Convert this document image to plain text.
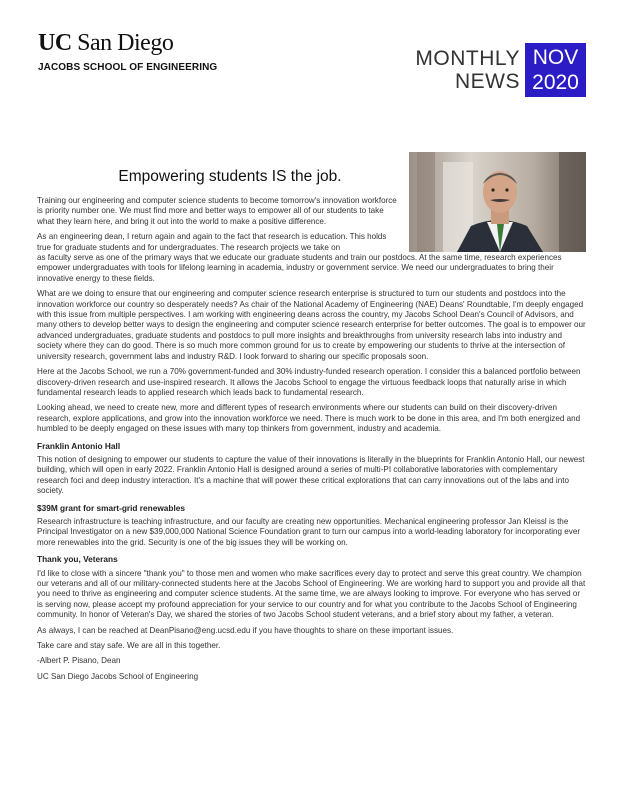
UC San Diego
JACOBS SCHOOL OF ENGINEERING	MONTHLY
NEWS
NOV
2020
Empowering students IS the job.

Training our engineering and computer science students to become tomorrow's innovation workforce is priority number one. We must find more and better ways to empower all of our students to take what they learn here, and bring it out into the world to make a positive difference.

As an engineering dean, I return again and again to the fact that research is education. This holds true for graduate students and for undergraduates. The research projects we take on

as faculty serve as one of the primary ways that we educate our graduate students and train our postdocs. At the same time, research experiences empower undergraduates with tools for lifelong learning in academia, industry or government service. We need our undergraduates to bring their innovative energy to these fields.

What are we doing to ensure that our engineering and computer science research enterprise is structured to turn our students and postdocs into the innovation workforce our country so desperately needs? As chair of the National Academy of Engineering (NAE) Deans' Roundtable, I'm deeply engaged with this issue from multiple perspectives. I am working with engineering deans across the country, my Jacobs School Dean's Council of Advisors, and many others to develop better ways to design the engineering and computer science research enterprise for better outcomes. The goal is to empower our advanced undergraduates, graduate students and postdocs to pull more insights and breakthroughs from university research labs into industry and society where they can do good. There is so much more common ground for us to create by empowering our students to thrive at the intersection of university research, government labs and industry R&D. I look forward to sharing our specific proposals soon.

Here at the Jacobs School, we run a 70% government-funded and 30% industry-funded research operation. I consider this a balanced portfolio between discovery-driven research and use-inspired research. It allows the Jacobs School to engage the virtuous feedback loops that naturally arise in which fundamental research leads to applied research which leads back to fundamental research.

Looking ahead, we need to create new, more and different types of research environments where our students can build on their discovery-driven research, explore applications, and grow into the innovation workforce we need. There is much work to be done in this area, and I'm both energized and humbled to be deeply engaged on these issues with many top thinkers from government, industry and academia.

Franklin Antonio Hall

This notion of designing to empower our students to capture the value of their innovations is literally in the blueprints for Franklin Antonio Hall, our newest building, which will open in early 2022. Franklin Antonio Hall is designed around a series of multi-PI collaborative laboratories with complementary research foci and deep industry interaction. It's a machine that will power these critical explorations that can carry innovations out of the labs and into society.

$39M grant for smart-grid renewables

Research infrastructure is teaching infrastructure, and our faculty are creating new opportunities. Mechanical engineering professor Jan Kleissl is the Principal Investigator on a new $39,000,000 National Science Foundation grant to turn our campus into a world-leading laboratory for incorporating ever more renewables into the grid. Security is one of the big issues they will be working on.

Thank you, Veterans

I'd like to close with a sincere "thank you" to those men and women who make sacrifices every day to protect and serve this great country. We champion our veterans and all of our military-connected students here at the Jacobs School of Engineering. We are working hard to support you and provide all that you need to thrive as engineering and computer science students. At the same time, we are always looking to improve. For everyone who has served or is serving now, please accept my profound appreciation for your service to our country and for what you contribute to the Jacobs School of Engineering community. In honor of Veteran's Day, we shared the stories of two Jacobs School student veterans, and a brief story about my father, a veteran.

As always, I can be reached at DeanPisano@eng.ucsd.edu if you have thoughts to share on these important issues.

Take care and stay safe. We are all in this together.

-Albert P. Pisano, Dean

UC San Diego Jacobs School of Engineering
